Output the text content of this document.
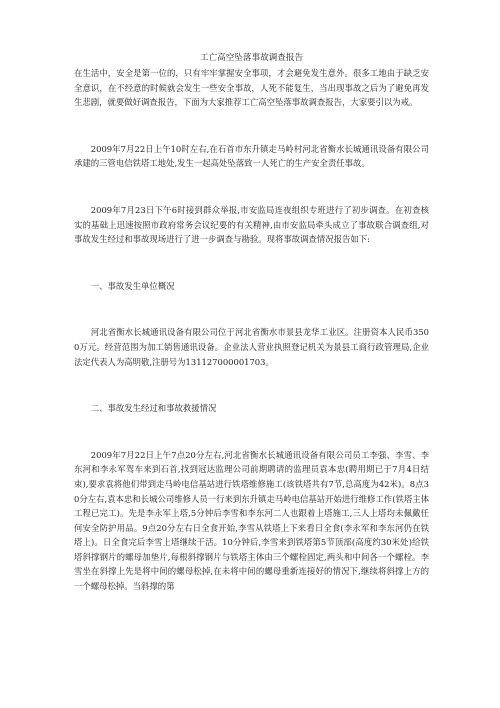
工亡高空坠落事故调查报告

在生活中，安全是第一位的，只有牢牢掌握安全事项，才会避免发生意外。很多工地由于缺乏安全意识，在不经意的时候就会发生一些安全事故，人死不能复生，当出现事故之后为了避免再发生悲剧，就要做好调查报告，下面为大家推荐工亡高空坠落事故调查报告，大家要引以为戒。

2009年7月22日上午10时左右,在石首市东升镇走马岭村河北省衡水长城通讯设备有限公司承建的三管电信铁塔工地处,发生一起高处坠落致一人死亡的生产安全责任事故。

2009年7月23日下午6时接到群众举报,市安监局连夜组织专班进行了初步调查。在初查核实的基础上迅速按照市政府常务会议纪要的有关精神,由市安监局牵头成立了事故联合调查组,对事故发生经过和事故现场进行了进一步调查与勘验。现将事故调查情况报告如下:

一、事故发生单位概况

河北省衡水长城通讯设备有限公司位于河北省衡水市景县龙华工业区。注册资本人民币3500万元。经营范围为加工销售通讯设备。企业法人营业执照登记机关为景县工商行政管理局,企业法定代表人为高明敬,注册号为131127000001703。

二、事故发生经过和事故救援情况

2009年7月22日上午7点20分左右,河北省衡水长城通讯设备有限公司员工李强、李雪、李东河和李永军驾车来到石首,找到冠达监理公司前期聘请的监理员袁本忠(聘用期已于7月4日结束),要求袁将他们带到走马岭电信基站进行铁塔维修施工(该铁塔共有7节,总高度为42米)。8点30分左右,袁本忠和长城公司维修人员一行来到东升镇走马岭电信基站开始进行维修工作(铁塔主体工程已完工)。先是李永军上塔,5分钟后李雪和李东河二人也跟着上塔施工,三人上塔均未佩戴任何安全防护用品。9点20分左右日全食开始,李雪从铁塔上下来看日全食(李永军和李东河仍在铁塔上)。日全食完后李雪上塔继续干活。10分钟后,李雪来到铁塔第5节顶部(高度约30米处)给铁塔斜撑钢片的螺母加垫片,每根斜撑钢片与铁塔主体由三个螺栓固定,两头和中间各一个螺栓。李雪坐在斜撑上先是将中间的螺母松掉,在未将中间的螺母重新连接好的情况下,继续将斜撑上方的一个螺母松掉。当斜撑的第
